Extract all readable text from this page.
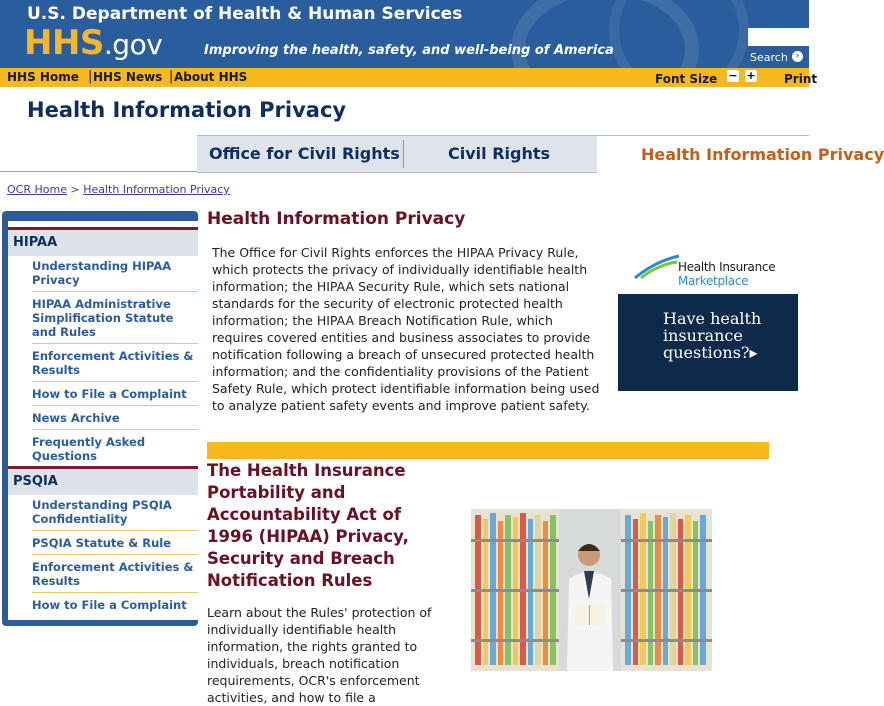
U.S. Department of Health & Human Services
HHS.gov	Improving the health, safety, and well-being of America	Search ›
HHS Home | HHS News | About HHS	Font Size − + Print
Health Information Privacy
Office for Civil Rights	Civil Rights	Health Information Privacy
OCR Home > Health Information Privacy
HIPAA
Understanding HIPAA Privacy
HIPAA Administrative Simplification Statute and Rules
Enforcement Activities & Results
How to File a Complaint
News Archive
Frequently Asked Questions
PSQIA
Understanding PSQIA Confidentiality
PSQIA Statute & Rule
Enforcement Activities & Results
How to File a Complaint
Health Information Privacy
The Office for Civil Rights enforces the HIPAA Privacy Rule, which protects the privacy of individually identifiable health information; the HIPAA Security Rule, which sets national standards for the security of electronic protected health information; the HIPAA Breach Notification Rule, which requires covered entities and business associates to provide notification following a breach of unsecured protected health information; and the confidentiality provisions of the Patient Safety Rule, which protect identifiable information being used to analyze patient safety events and improve patient safety.
Health Insurance
Marketplace
Have health insurance questions?▸
The Health Insurance Portability and Accountability Act of 1996 (HIPAA) Privacy, Security and Breach Notification Rules
Learn about the Rules' protection of individually identifiable health information, the rights granted to individuals, breach notification requirements, OCR's enforcement activities, and how to file a
